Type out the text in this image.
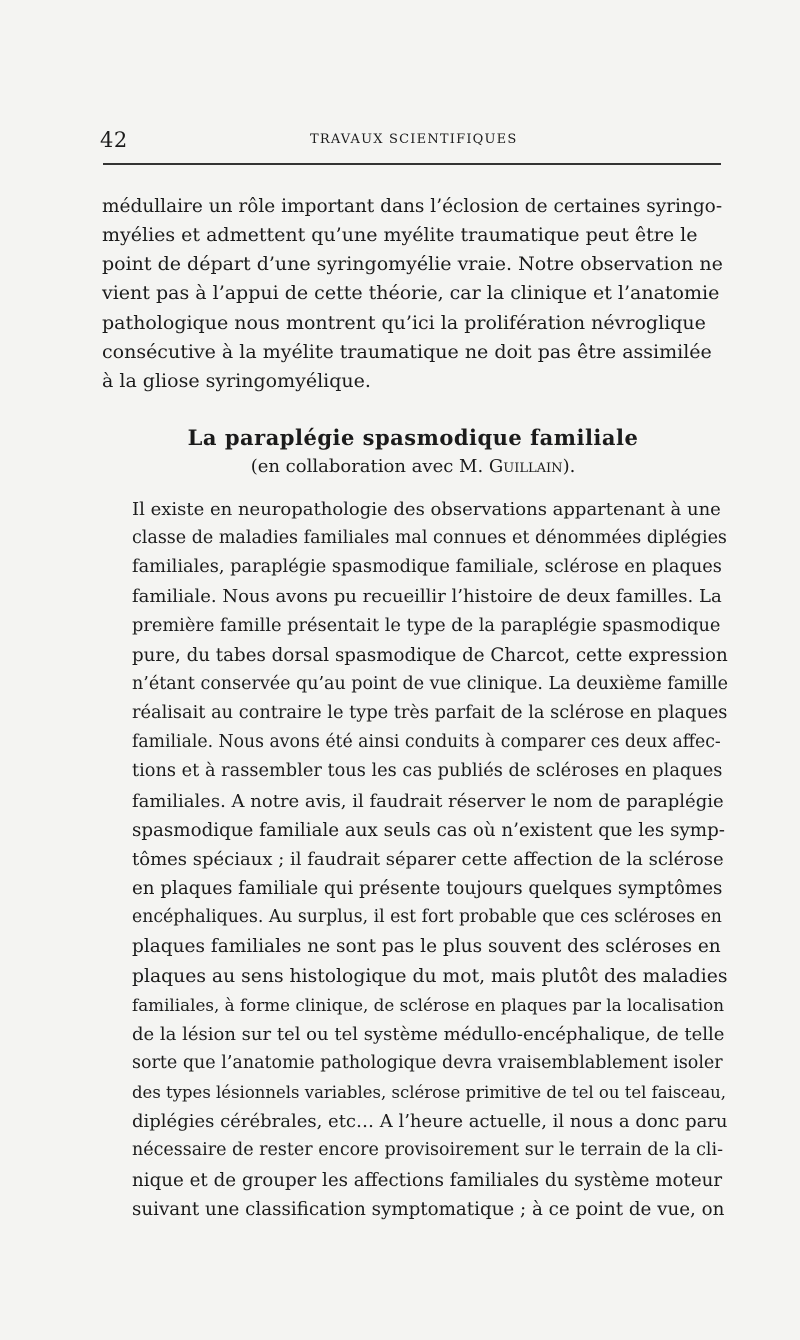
42	TRAVAUX SCIENTIFIQUES
médullaire un rôle important dans l’éclosion de certaines syringo-
myélies et admettent qu’une myélite traumatique peut être le
point de départ d’une syringomyélie vraie. Notre observation ne
vient pas à l’appui de cette théorie, car la clinique et l’anatomie
pathologique nous montrent qu’ici la prolifération névroglique
consécutive à la myélite traumatique ne doit pas être assimilée
à la gliose syringomyélique.
La paraplégie spasmodique familiale
(en collaboration avec M. Guillain).
Il existe en neuropathologie des observations appartenant à une
classe de maladies familiales mal connues et dénommées diplégies
familiales, paraplégie spasmodique familiale, sclérose en plaques
familiale. Nous avons pu recueillir l’histoire de deux familles. La
première famille présentait le type de la paraplégie spasmodique
pure, du tabes dorsal spasmodique de Charcot, cette expression
n’étant conservée qu’au point de vue clinique. La deuxième famille
réalisait au contraire le type très parfait de la sclérose en plaques
familiale. Nous avons été ainsi conduits à comparer ces deux affec-
tions et à rassembler tous les cas publiés de scléroses en plaques
familiales. A notre avis, il faudrait réserver le nom de paraplégie
spasmodique familiale aux seuls cas où n’existent que les symp-
tômes spéciaux ; il faudrait séparer cette affection de la sclérose
en plaques familiale qui présente toujours quelques symptômes
encéphaliques. Au surplus, il est fort probable que ces scléroses en
plaques familiales ne sont pas le plus souvent des scléroses en
plaques au sens histologique du mot, mais plutôt des maladies
familiales, à forme clinique, de sclérose en plaques par la localisation
de la lésion sur tel ou tel système médullo-encéphalique, de telle
sorte que l’anatomie pathologique devra vraisemblablement isoler
des types lésionnels variables, sclérose primitive de tel ou tel faisceau,
diplégies cérébrales, etc… A l’heure actuelle, il nous a donc paru
nécessaire de rester encore provisoirement sur le terrain de la cli-
nique et de grouper les affections familiales du système moteur
suivant une classification symptomatique ; à ce point de vue, on
